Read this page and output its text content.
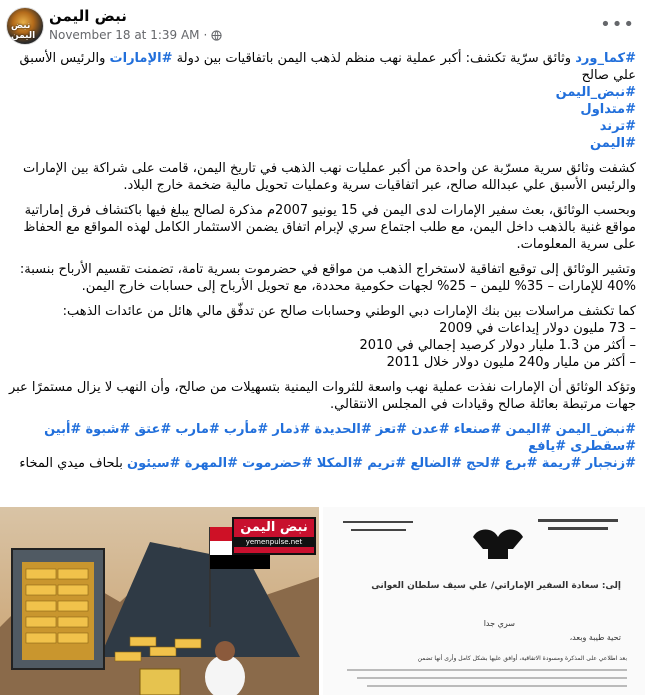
نبض اليمن
نبض اليمن
November 18 at 1:39 AM ·	•••

#كما_ورد وثائق سرّية تكشف: أكبر عملية نهب منظم لذهب اليمن باتفاقيات بين دولة #الإمارات والرئيس الأسبق علي صالح
#نبض_اليمن
#متداول
#ترند
#اليمن

كشفت وثائق سرية مسرّبة عن واحدة من أكبر عمليات نهب الذهب في تاريخ اليمن، قامت على شراكة بين الإمارات والرئيس الأسبق علي عبدالله صالح، عبر اتفاقيات سرية وعمليات تحويل مالية ضخمة خارج البلاد.

وبحسب الوثائق، بعث سفير الإمارات لدى اليمن في 15 يونيو 2007م مذكرة لصالح يبلغ فيها باكتشاف فرق إماراتية مواقع غنية بالذهب داخل اليمن، مع طلب اجتماع سري لإبرام اتفاق يضمن الاستثمار الكامل لهذه المواقع مع الحفاظ على سرية المعلومات.

وتشير الوثائق إلى توقيع اتفاقية لاستخراج الذهب من مواقع في حضرموت بسرية تامة، تضمنت تقسيم الأرباح بنسبة:
40% للإمارات – 35% لليمن – 25% لجهات حكومية محددة، مع تحويل الأرباح إلى حسابات خارج اليمن.

كما تكشف مراسلات بين بنك الإمارات دبي الوطني وحسابات صالح عن تدفّق مالي هائل من عائدات الذهب:
– 73 مليون دولار إيداعات في 2009
– أكثر من 1.3 مليار دولار كرصيد إجمالي في 2010
– أكثر من مليار و240 مليون دولار خلال 2011

وتؤكد الوثائق أن الإمارات نفذت عملية نهب واسعة للثروات اليمنية بتسهيلات من صالح، وأن النهب لا يزال مستمرًا عبر جهات مرتبطة بعائلة صالح وقيادات في المجلس الانتقالي.

#نبض_اليمن #اليمن #صنعاء #عدن #تعز #الحديدة #ذمار #مأرب #مارب #عتق #شبوة #أبين #سقطرى #يافع
#زنجبار #ريمة #برع #لحج #الضالع #تريم #المكلا #حضرموت #المهرة #سيئون بلحاف ميدي المخاء

نبض اليمن
yemenpulse.net
إلى: سعادة السفير الإماراتي/ علي سيف سلطان العوانى
سري جدا
تحية طيبة وبعد،
بعد اطلاعي على المذكرة ومسودة الاتفاقية، أوافق عليها بشكل كامل وأرى أنها تضمن
